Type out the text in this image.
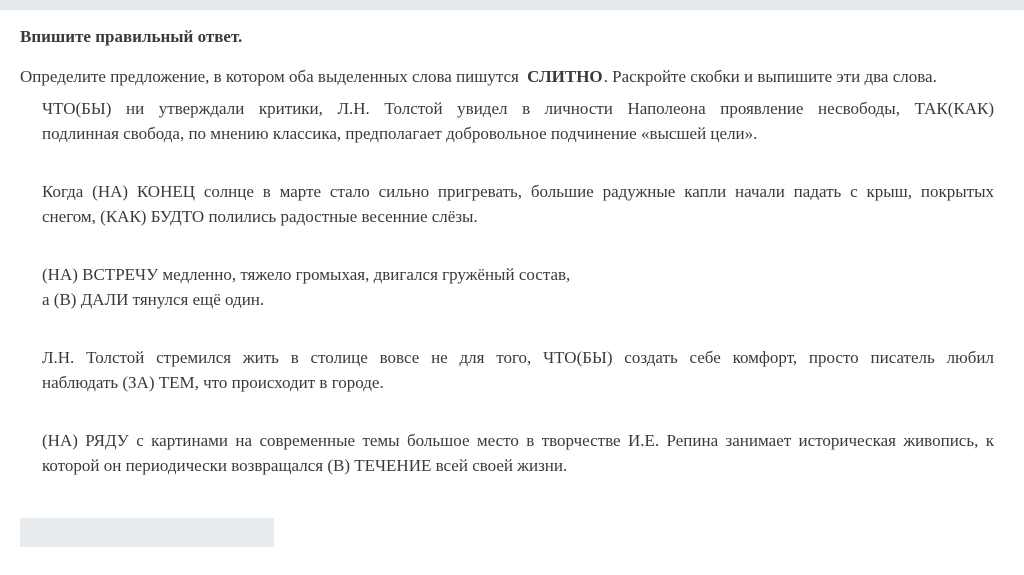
Впишите правильный ответ.
Определите предложение, в котором оба выделенных слова пишутся СЛИТНО. Раскройте скобки и выпишите эти два слова.
ЧТО(БЫ) ни утверждали критики, Л.Н. Толстой увидел в личности Наполеона проявление несвободы, ТАК(КАК)
подлинная свобода, по мнению классика, предполагает добровольное подчинение «высшей цели».
Когда (НА) КОНЕЦ солнце в марте стало сильно пригревать, большие радужные капли начали падать с крыш, покрытых
снегом, (КАК) БУДТО полились радостные весенние слёзы.
(НА) ВСТРЕЧУ медленно, тяжело громыхая, двигался гружёный состав,
а (В) ДАЛИ тянулся ещё один.
Л.Н. Толстой стремился жить в столице вовсе не для того, ЧТО(БЫ) создать себе комфорт, просто писатель любил
наблюдать (ЗА) ТЕМ, что происходит в городе.
(НА) РЯДУ с картинами на современные темы большое место в творчестве И.Е. Репина занимает историческая живопись, к
которой он периодически возвращался (В) ТЕЧЕНИЕ всей своей жизни.
